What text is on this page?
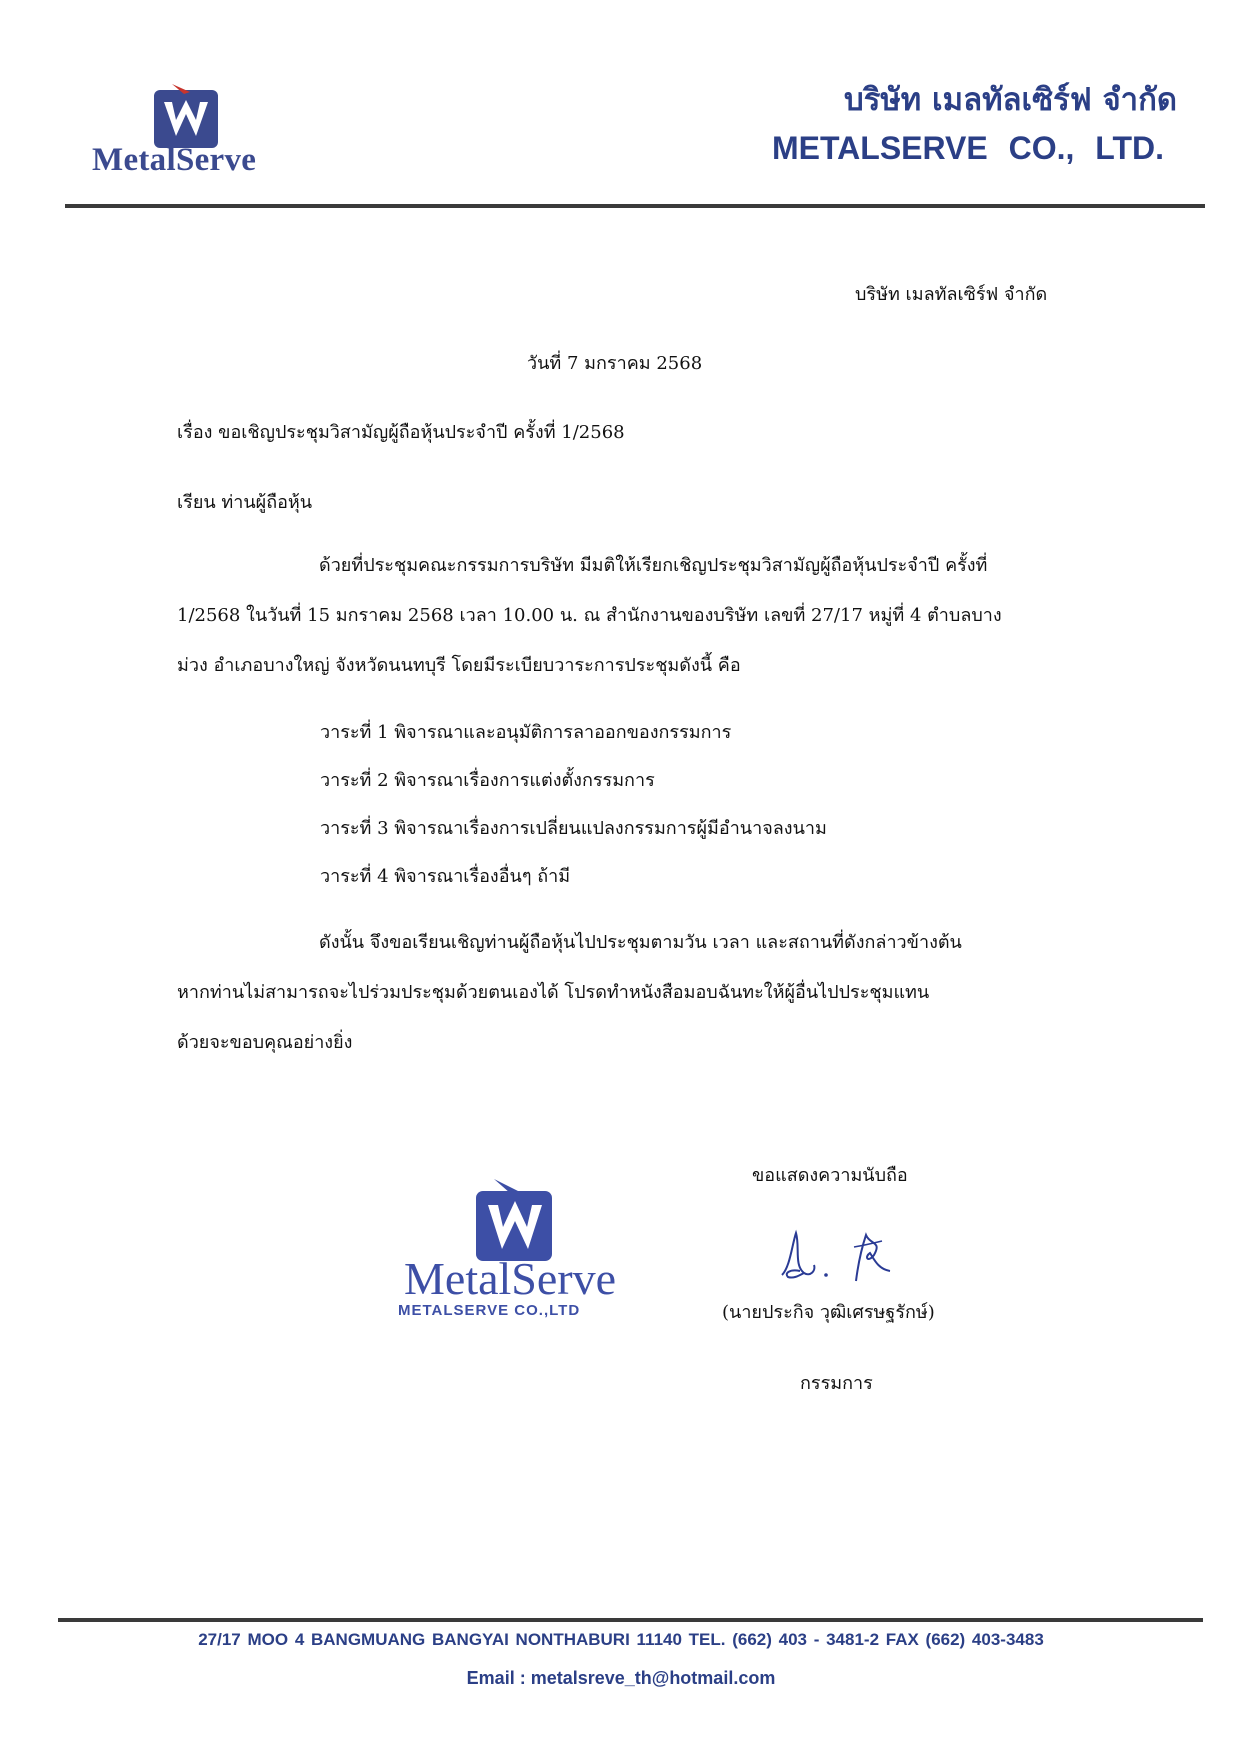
MetalServe
บริษัท เมลทัลเซิร์ฟ จำกัด
METALSERVE CO., LTD.
บริษัท เมลทัลเซิร์ฟ จำกัด
วันที่ 7 มกราคม 2568
เรื่อง ขอเชิญประชุมวิสามัญผู้ถือหุ้นประจำปี ครั้งที่ 1/2568
เรียน ท่านผู้ถือหุ้น
ด้วยที่ประชุมคณะกรรมการบริษัท มีมติให้เรียกเชิญประชุมวิสามัญผู้ถือหุ้นประจำปี ครั้งที่
1/2568 ในวันที่ 15 มกราคม 2568 เวลา 10.00 น. ณ สำนักงานของบริษัท เลขที่ 27/17 หมู่ที่ 4 ตำบลบาง
ม่วง อำเภอบางใหญ่ จังหวัดนนทบุรี โดยมีระเบียบวาระการประชุมดังนี้ คือ
วาระที่ 1 พิจารณาและอนุมัติการลาออกของกรรมการ
วาระที่ 2 พิจารณาเรื่องการแต่งตั้งกรรมการ
วาระที่ 3 พิจารณาเรื่องการเปลี่ยนแปลงกรรมการผู้มีอำนาจลงนาม
วาระที่ 4 พิจารณาเรื่องอื่นๆ ถ้ามี
ดังนั้น จึงขอเรียนเชิญท่านผู้ถือหุ้นไปประชุมตามวัน เวลา และสถานที่ดังกล่าวข้างต้น
หากท่านไม่สามารถจะไปร่วมประชุมด้วยตนเองได้ โปรดทำหนังสือมอบฉันทะให้ผู้อื่นไปประชุมแทน
ด้วยจะขอบคุณอย่างยิ่ง
MetalServe
METALSERVE CO.,LTD
ขอแสดงความนับถือ
(นายประกิจ วุฒิเศรษฐรักษ์)
กรรมการ
27/17 MOO 4 BANGMUANG BANGYAI NONTHABURI 11140 TEL. (662) 403 - 3481-2 FAX (662) 403-3483
Email : metalsreve_th@hotmail.com
